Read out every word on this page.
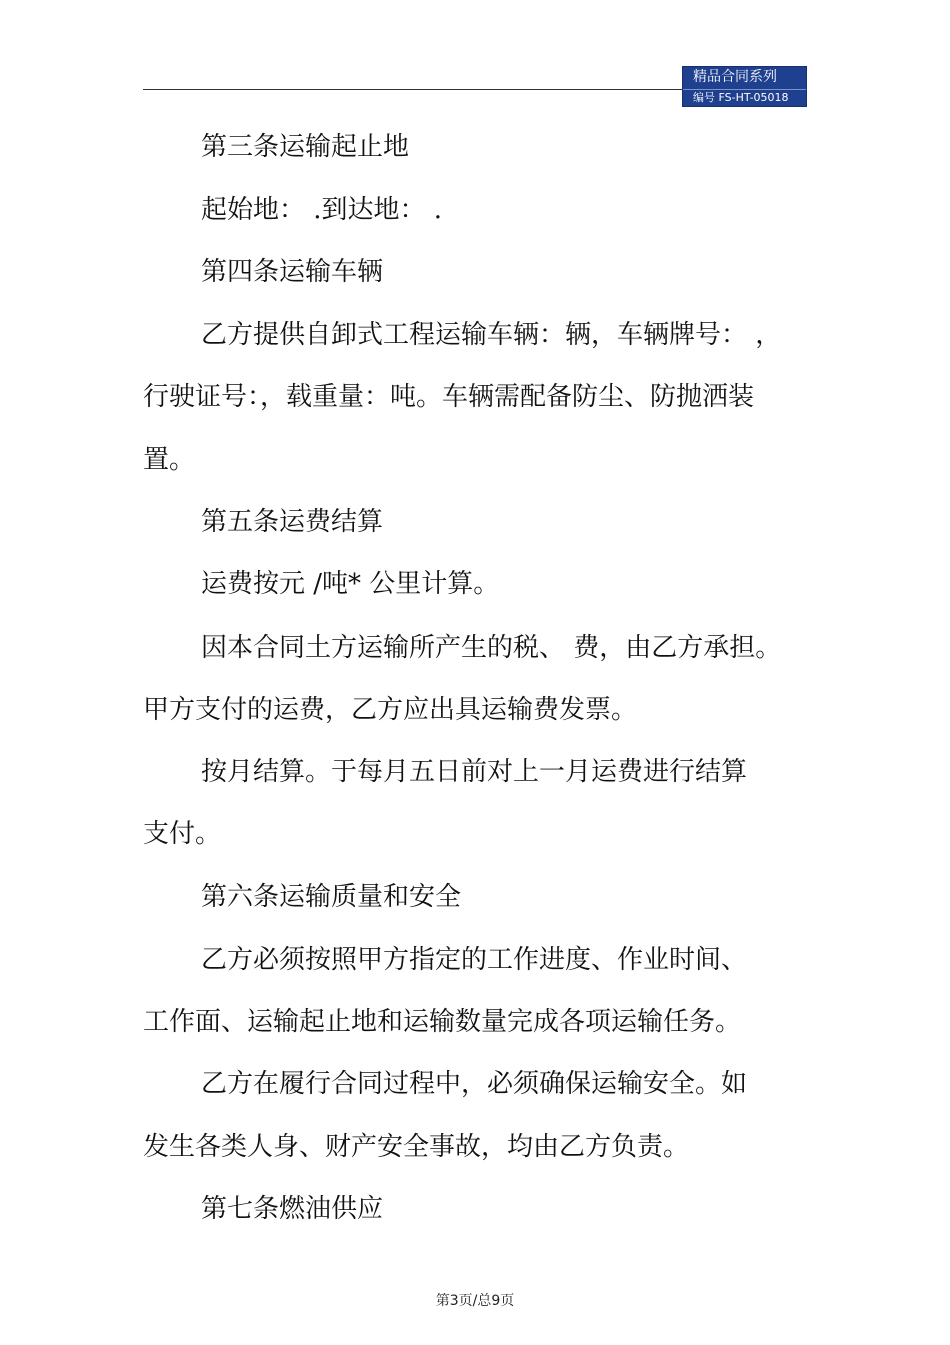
精品合同系列
编号 FS-HT-05018
第三条运输起止地
起始地： .到达地： .
第四条运输车辆
乙方提供自卸式工程运输车辆：辆，车辆牌号： ，
行驶证号：，载重量：吨。车辆需配备防尘、防抛洒装
置。
第五条运费结算
运费按元 /吨* 公里计算。
因本合同土方运输所产生的税、 费，由乙方承担。
甲方支付的运费，乙方应出具运输费发票。
按月结算。于每月五日前对上一月运费进行结算
支付。
第六条运输质量和安全
乙方必须按照甲方指定的工作进度、作业时间、
工作面、运输起止地和运输数量完成各项运输任务。
乙方在履行合同过程中，必须确保运输安全。如
发生各类人身、财产安全事故，均由乙方负责。
第七条燃油供应
第3页/总9页
